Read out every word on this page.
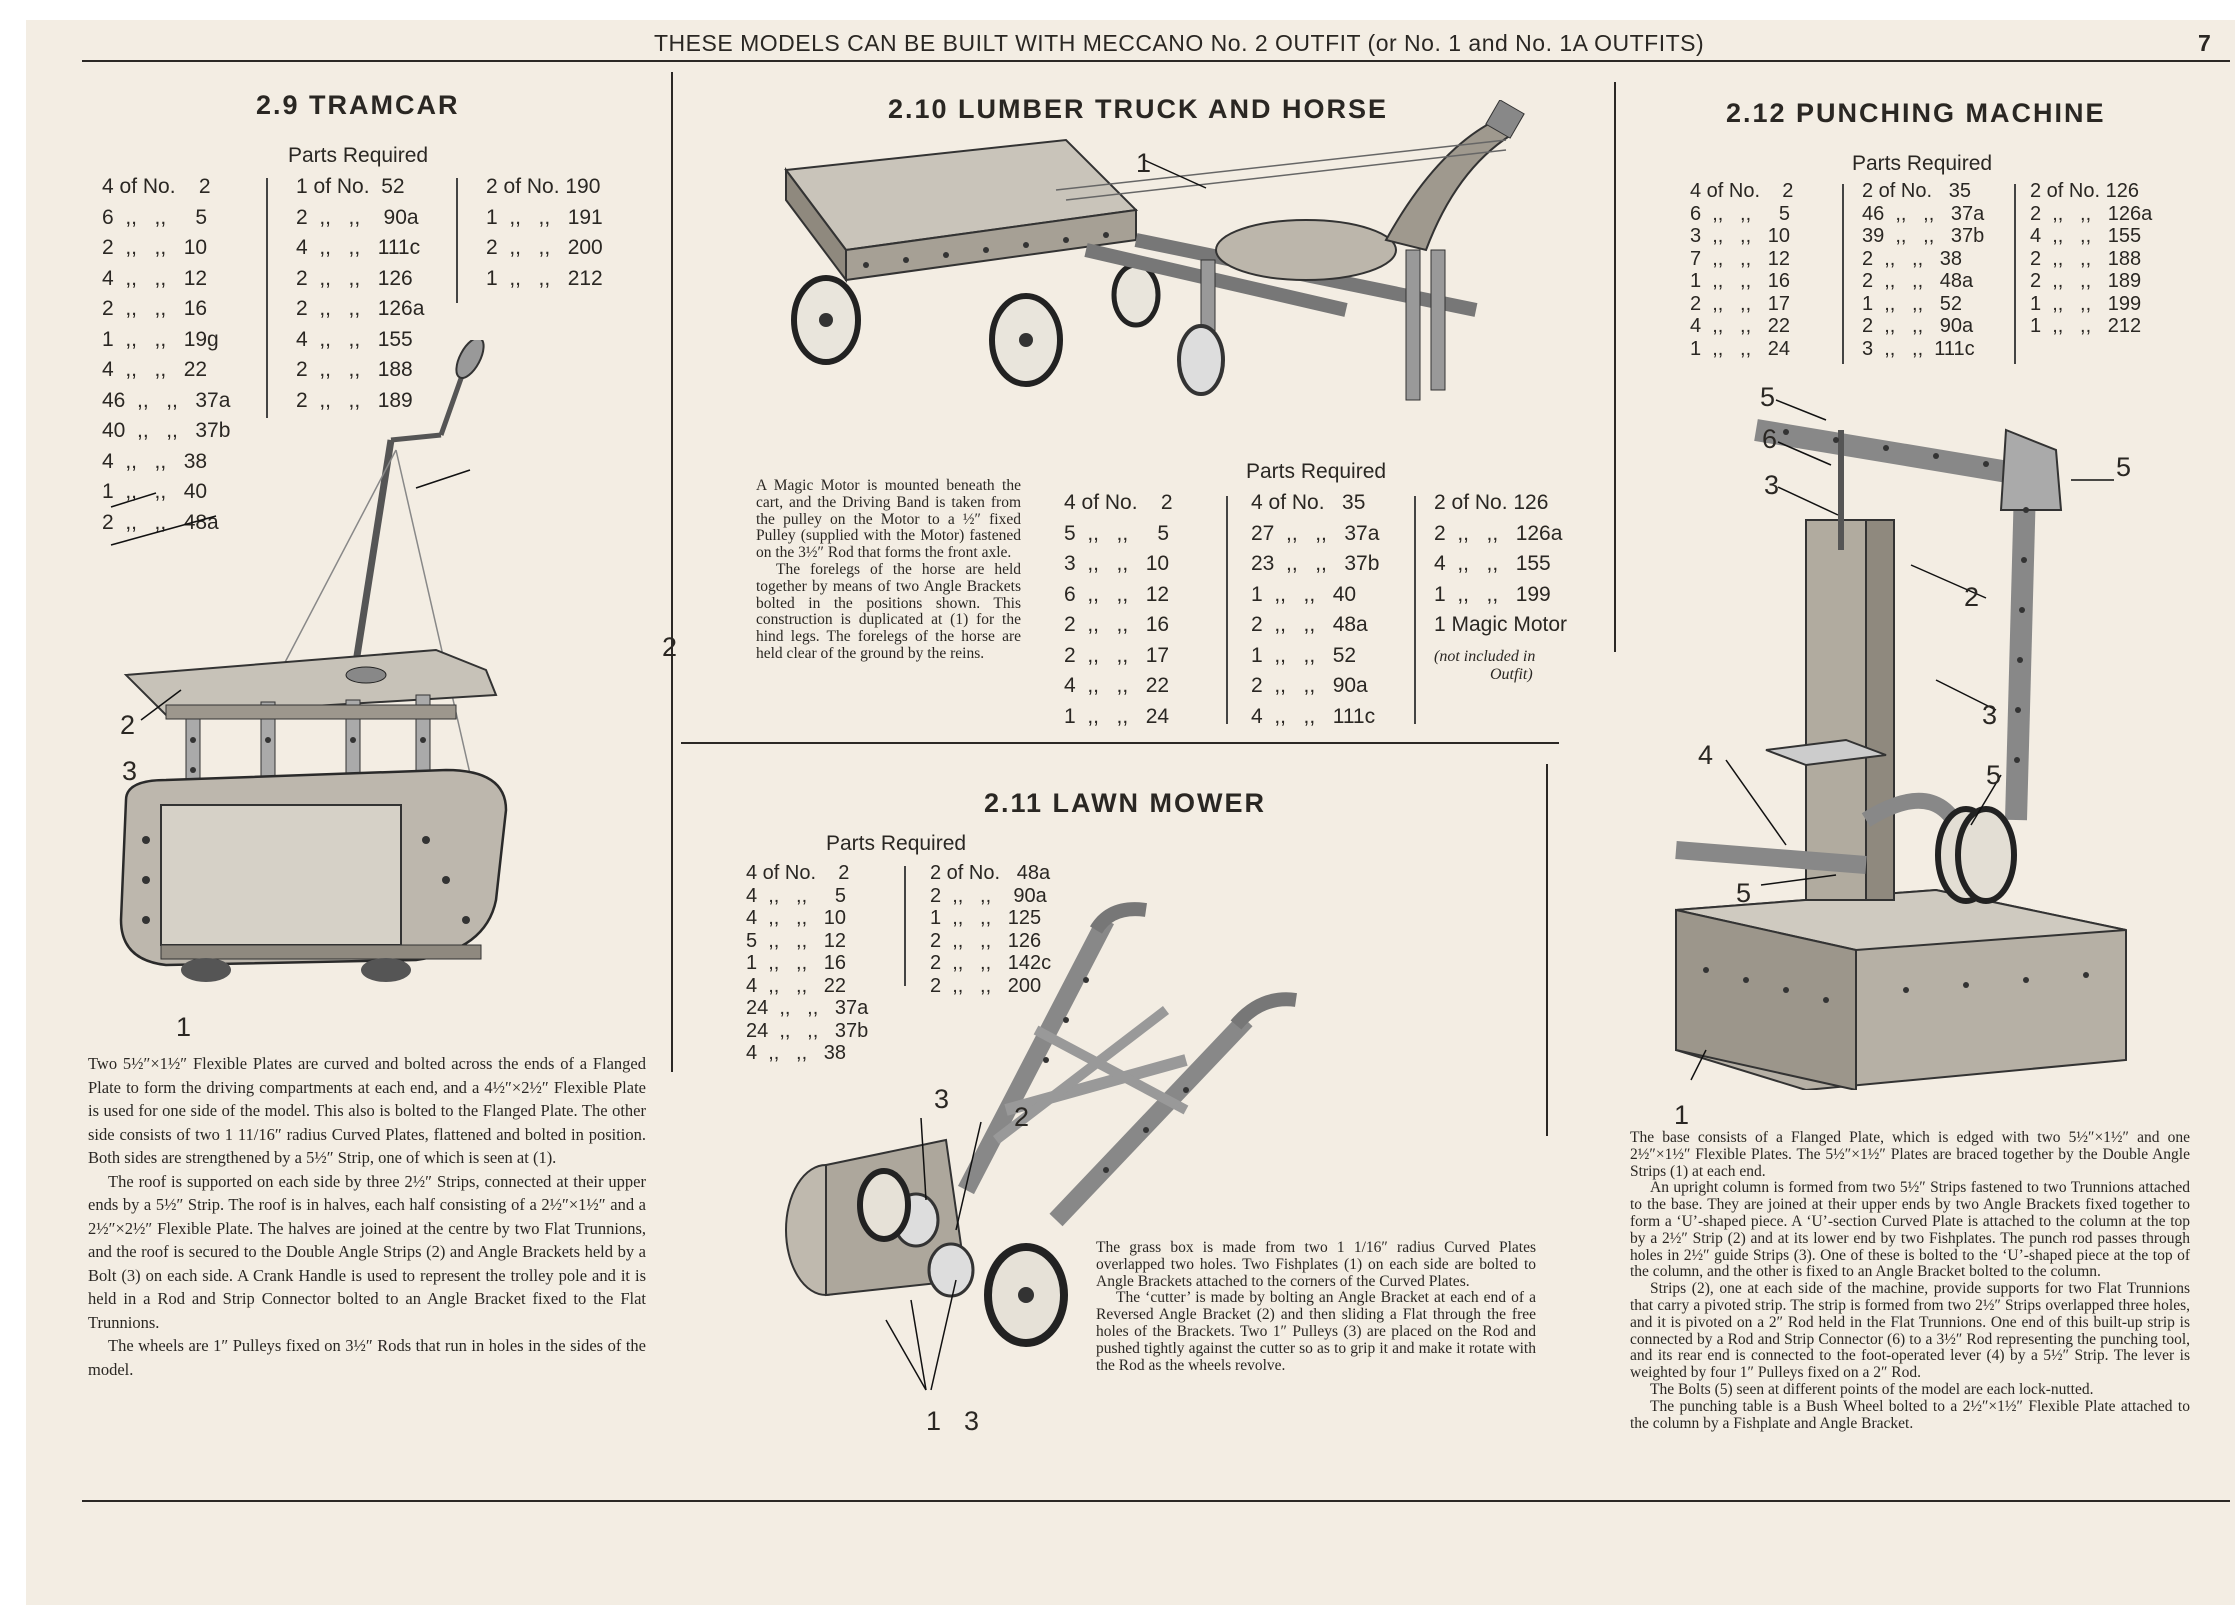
THESE MODELS CAN BE BUILT WITH MECCANO No. 2 OUTFIT (or No. 1 and No. 1A OUTFITS)	7
2.9 TRAMCAR
Parts Required
4 of No.    2
6  ,,   ,,     5
2  ,,   ,,   10
4  ,,   ,,   12
2  ,,   ,,   16
1  ,,   ,,   19g
4  ,,   ,,   22
46  ,,   ,,   37a
40  ,,   ,,   37b
4  ,,   ,,   38
1  ,,   ,,   40
2  ,,   ,,   48a
1 of No.  52
2  ,,   ,,    90a
4  ,,   ,,   111c
2  ,,   ,,   126
2  ,,   ,,   126a
4  ,,   ,,   155
2  ,,   ,,   188
2  ,,   ,,   189
2 of No. 190
1  ,,   ,,   191
2  ,,   ,,   200
1  ,,   ,,   212
2
2
3
1

Two 5½″×1½″ Flexible Plates are curved and bolted across the ends of a Flanged Plate to form the driving compartments at each end, and a 4½″×2½″ Flexible Plate is used for one side of the model. This also is bolted to the Flanged Plate. The other side consists of two 1 11/16″ radius Curved Plates, flattened and bolted in position. Both sides are strengthened by a 5½″ Strip, one of which is seen at (1).

The roof is supported on each side by three 2½″ Strips, connected at their upper ends by a 5½″ Strip. The roof is in halves, each half consisting of a 2½″×1½″ and a 2½″×2½″ Flexible Plate. The halves are joined at the centre by two Flat Trunnions, and the roof is secured to the Double Angle Strips (2) and Angle Brackets held by a Bolt (3) on each side. A Crank Handle is used to represent the trolley pole and it is held in a Rod and Strip Connector bolted to an Angle Bracket fixed to the Flat Trunnions.

The wheels are 1″ Pulleys fixed on 3½″ Rods that run in holes in the sides of the model.

2.10 LUMBER TRUCK AND HORSE
1

A Magic Motor is mounted beneath the cart, and the Driving Band is taken from the pulley on the Motor to a ½″ fixed Pulley (supplied with the Motor) fastened on the 3½″ Rod that forms the front axle.

The forelegs of the horse are held together by means of two Angle Brackets bolted in the positions shown. This construction is duplicated at (1) for the hind legs. The forelegs of the horse are held clear of the ground by the reins.

Parts Required
4 of No.    2
5  ,,   ,,     5
3  ,,   ,,   10
6  ,,   ,,   12
2  ,,   ,,   16
2  ,,   ,,   17
4  ,,   ,,   22
1  ,,   ,,   24
4 of No.   35
27  ,,   ,,   37a
23  ,,   ,,   37b
1  ,,   ,,   40
2  ,,   ,,   48a
1  ,,   ,,   52
2  ,,   ,,   90a
4  ,,   ,,   111c
2 of No. 126
2  ,,   ,,   126a
4  ,,   ,,   155
1  ,,   ,,   199
1 Magic Motor
(not included in
Outfit)
2.11 LAWN MOWER
Parts Required
4 of No.    2
4  ,,   ,,     5
4  ,,   ,,   10
5  ,,   ,,   12
1  ,,   ,,   16
4  ,,   ,,   22
24  ,,   ,,   37a
24  ,,   ,,   37b
4  ,,   ,,   38
2 of No.   48a
2  ,,   ,,    90a
1  ,,   ,,   125
2  ,,   ,,   126
2  ,,   ,,   142c
2  ,,   ,,   200
3
2
1 3

The grass box is made from two 1 1/16″ radius Curved Plates overlapped two holes. Two Fishplates (1) on each side are bolted to Angle Brackets attached to the corners of the Curved Plates.

The ‘cutter’ is made by bolting an Angle Bracket at each end of a Reversed Angle Bracket (2) and then sliding a Flat through the free holes of the Brackets. Two 1″ Pulleys (3) are placed on the Rod and pushed tightly against the cutter so as to grip it and make it rotate with the Rod as the wheels revolve.

2.12 PUNCHING MACHINE
Parts Required
4 of No.    2
6  ,,   ,,     5
3  ,,   ,,   10
7  ,,   ,,   12
1  ,,   ,,   16
2  ,,   ,,   17
4  ,,   ,,   22
1  ,,   ,,   24
2 of No.   35
46  ,,   ,,   37a
39  ,,   ,,   37b
2  ,,   ,,   38
2  ,,   ,,   48a
1  ,,   ,,   52
2  ,,   ,,   90a
3  ,,   ,,  111c
2 of No. 126
2  ,,   ,,   126a
4  ,,   ,,   155
2  ,,   ,,   188
2  ,,   ,,   189
1  ,,   ,,   199
1  ,,   ,,   212
5
6
3
5
2
3
4
5
5
1

The base consists of a Flanged Plate, which is edged with two 5½″×1½″ and one 2½″×1½″ Flexible Plates. The 5½″×1½″ Plates are braced together by the Double Angle Strips (1) at each end.

An upright column is formed from two 5½″ Strips fastened to two Trunnions attached to the base. They are joined at their upper ends by two Angle Brackets fixed together to form a ‘U’-shaped piece. A ‘U’-section Curved Plate is attached to the column at the top by a 2½″ Strip (2) and at its lower end by two Fishplates. The punch rod passes through holes in 2½″ guide Strips (3). One of these is bolted to the ‘U’-shaped piece at the top of the column, and the other is fixed to an Angle Bracket bolted to the column.

Strips (2), one at each side of the machine, provide supports for two Flat Trunnions that carry a pivoted strip. The strip is formed from two 2½″ Strips overlapped three holes, and it is pivoted on a 2″ Rod held in the Flat Trunnions. One end of this built-up strip is connected by a Rod and Strip Connector (6) to a 3½″ Rod representing the punching tool, and its rear end is connected to the foot-operated lever (4) by a 5½″ Strip. The lever is weighted by four 1″ Pulleys fixed on a 2″ Rod.

The Bolts (5) seen at different points of the model are each lock-nutted.

The punching table is a Bush Wheel bolted to a 2½″×1½″ Flexible Plate attached to the column by a Fishplate and Angle Bracket.
